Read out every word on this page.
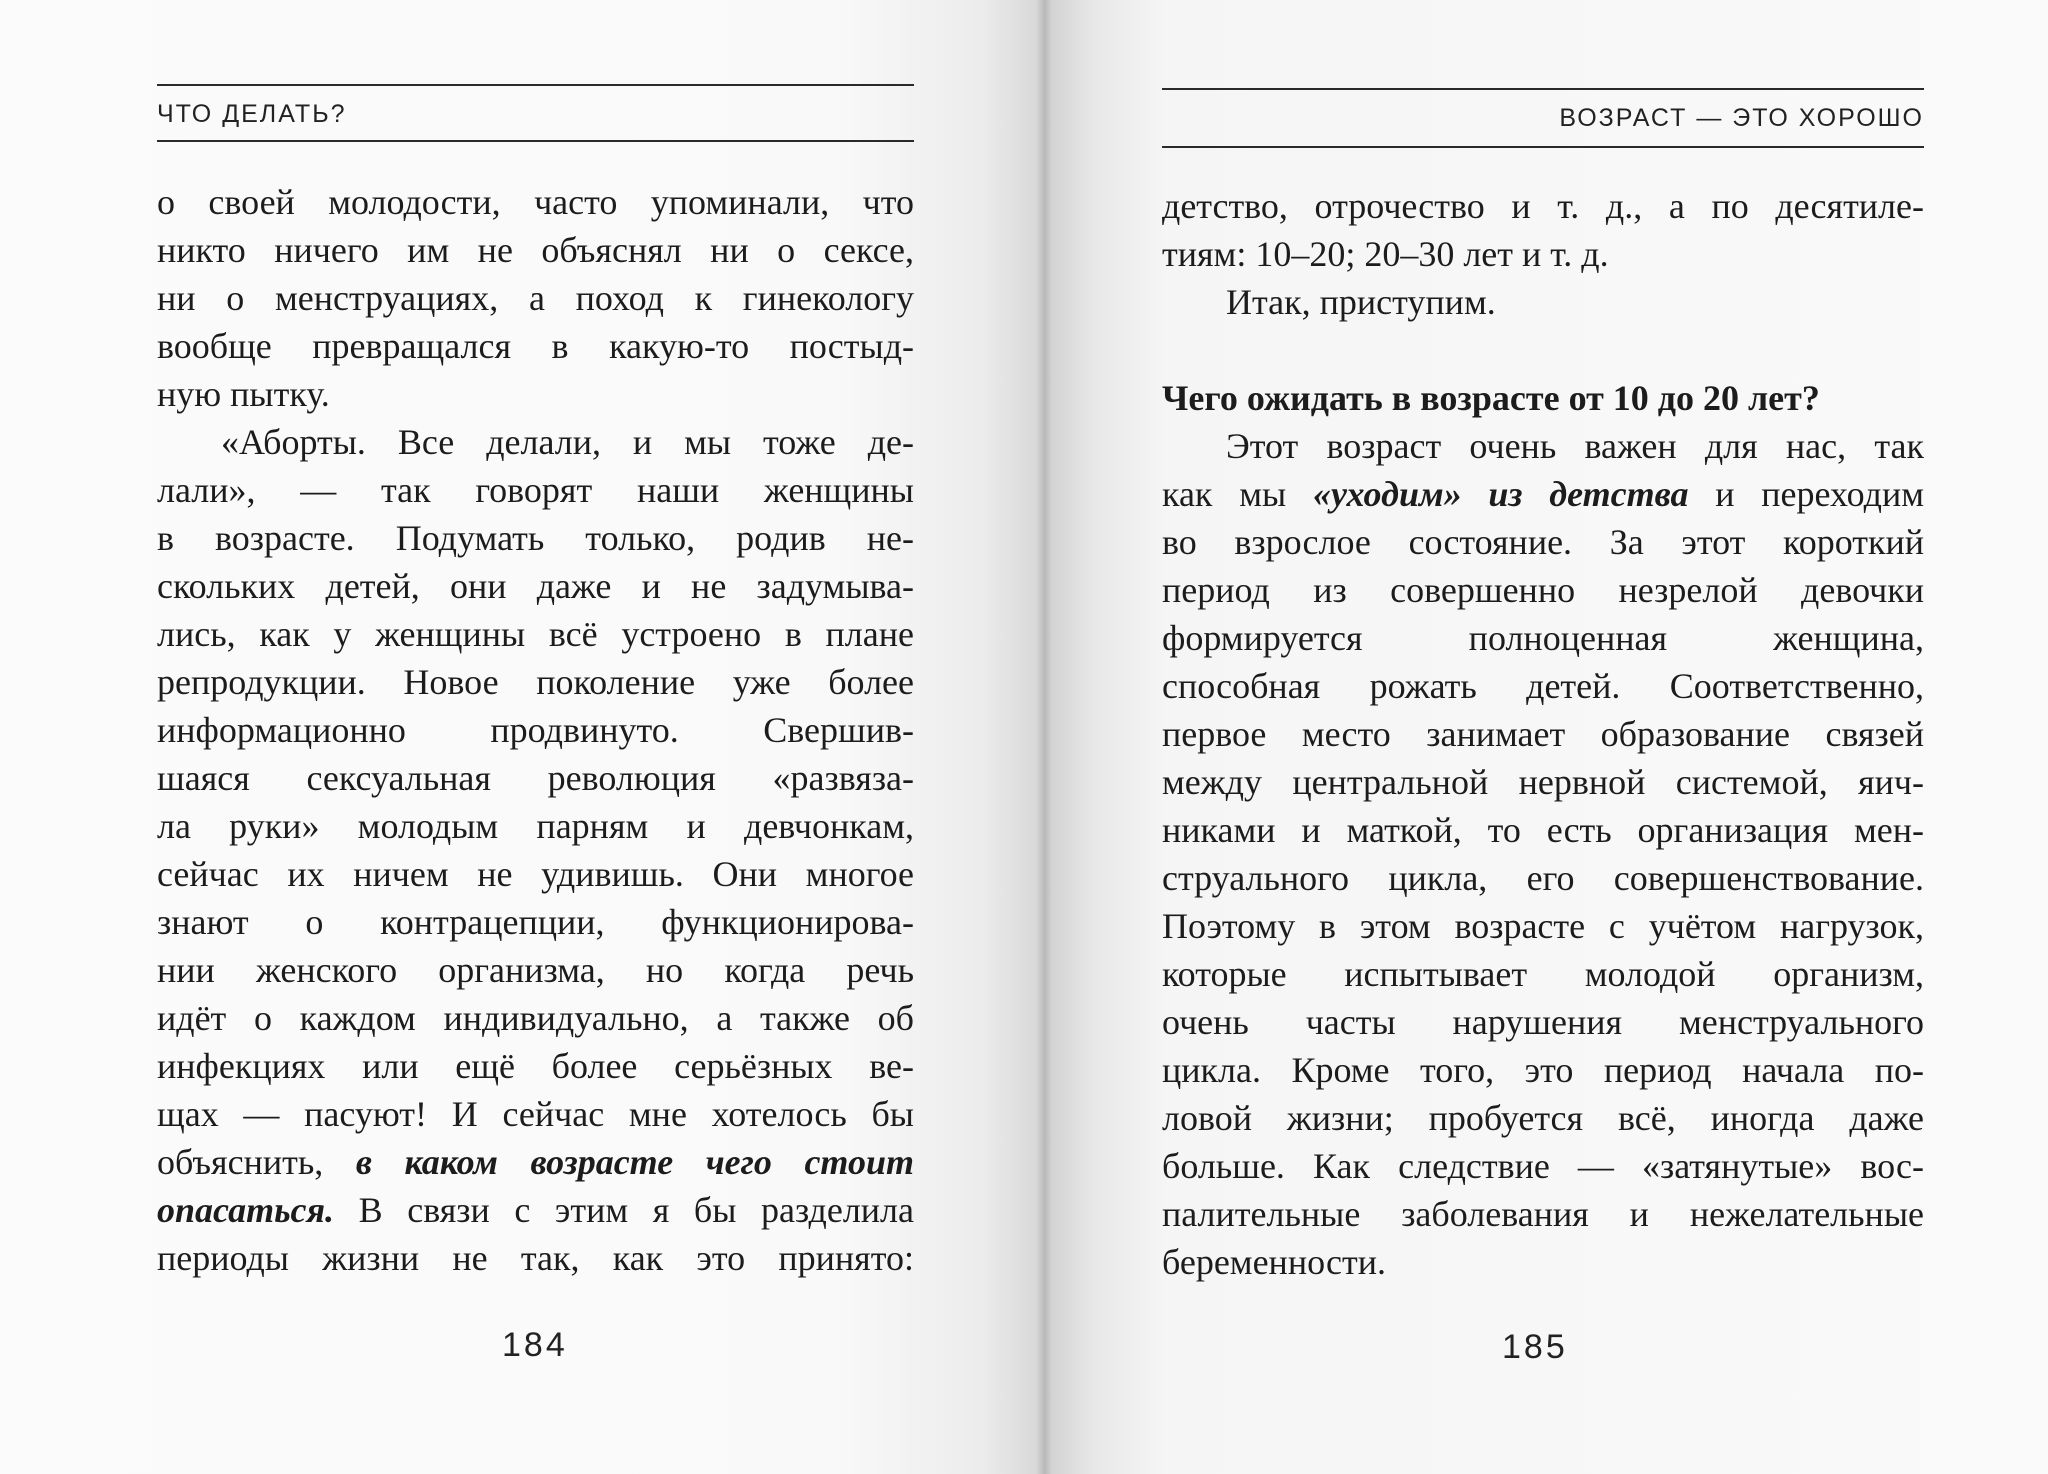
ЧТО ДЕЛАТЬ?
о своей молодости, часто упоминали, что
никто ничего им не объяснял ни о сексе,
ни о менструациях, а поход к гинекологу
вообще превращался в какую-то постыд-
ную пытку.
«Аборты. Все делали, и мы тоже де-
лали», — так говорят наши женщины
в возрасте. Подумать только, родив не-
скольких детей, они даже и не задумыва-
лись, как у женщины всё устроено в плане
репродукции. Новое поколение уже более
информационно продвинуто. Свершив-
шаяся сексуальная революция «развяза-
ла руки» молодым парням и девчонкам,
сейчас их ничем не удивишь. Они многое
знают о контрацепции, функционирова-
нии женского организма, но когда речь
идёт о каждом индивидуально, а также об
инфекциях или ещё более серьёзных ве-
щах — пасуют! И сейчас мне хотелось бы
объяснить, в каком возрасте чего стоит
опасаться. В связи с этим я бы разделила
периоды жизни не так, как это принято:
184
ВОЗРАСТ — ЭТО ХОРОШО
детство, отрочество и т. д., а по десятиле-
тиям: 10–20; 20–30 лет и т. д.
Итак, приступим.
Чего ожидать в возрасте от 10 до 20 лет?
Этот возраст очень важен для нас, так
как мы «уходим» из детства и переходим
во взрослое состояние. За этот короткий
период из совершенно незрелой девочки
формируется полноценная женщина,
способная рожать детей. Соответственно,
первое место занимает образование связей
между центральной нервной системой, яич-
никами и маткой, то есть организация мен-
струального цикла, его совершенствование.
Поэтому в этом возрасте с учётом нагрузок,
которые испытывает молодой организм,
очень часты нарушения менструального
цикла. Кроме того, это период начала по-
ловой жизни; пробуется всё, иногда даже
больше. Как следствие — «затянутые» вос-
палительные заболевания и нежелательные
беременности.
185
